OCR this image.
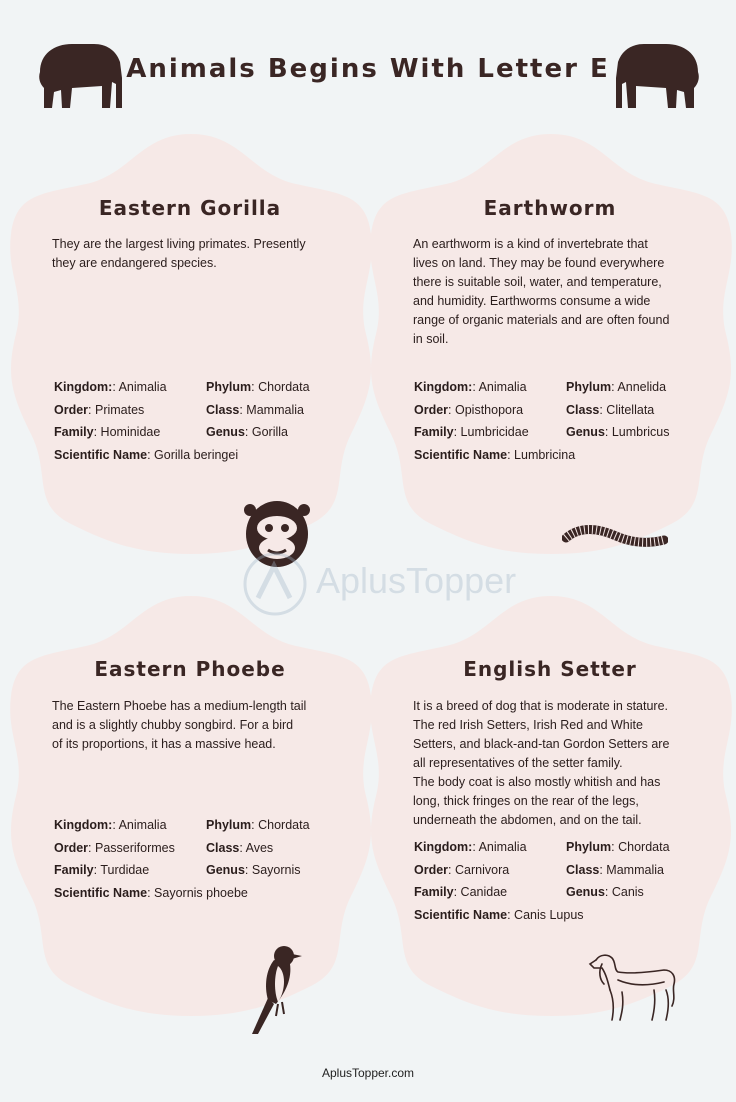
Animals Begins With Letter E
Eastern Gorilla
They are the largest living primates. Presently
they are endangered species.
Kingdom:: Animalia	Phylum: Chordata
Order: Primates	Class: Mammalia
Family: Hominidae	Genus: Gorilla
Scientific Name: Gorilla beringei
Earthworm
An earthworm is a kind of invertebrate that
lives on land. They may be found everywhere
there is suitable soil, water, and temperature,
and humidity. Earthworms consume a wide
range of organic materials and are often found
in soil.
Kingdom:: Animalia	Phylum: Annelida
Order: Opisthopora	Class: Clitellata
Family: Lumbricidae	Genus: Lumbricus
Scientific Name: Lumbricina
Eastern Phoebe
The Eastern Phoebe has a medium-length tail
and is a slightly chubby songbird. For a bird
of its proportions, it has a massive head.
Kingdom:: Animalia	Phylum: Chordata
Order: Passeriformes Class: Aves
Family: Turdidae	Genus: Sayornis
Scientific Name: Sayornis phoebe
English Setter
It is a breed of dog that is moderate in stature.
The red Irish Setters, Irish Red and White
Setters, and black-and-tan Gordon Setters are
all representatives of the setter family.
The body coat is also mostly whitish and has
long, thick fringes on the rear of the legs,
underneath the abdomen, and on the tail.
Kingdom:: Animalia	Phylum: Chordata
Order: Carnivora	Class: Mammalia
Family: Canidae	Genus: Canis
Scientific Name: Canis Lupus
AplusTopper
AplusTopper.com
